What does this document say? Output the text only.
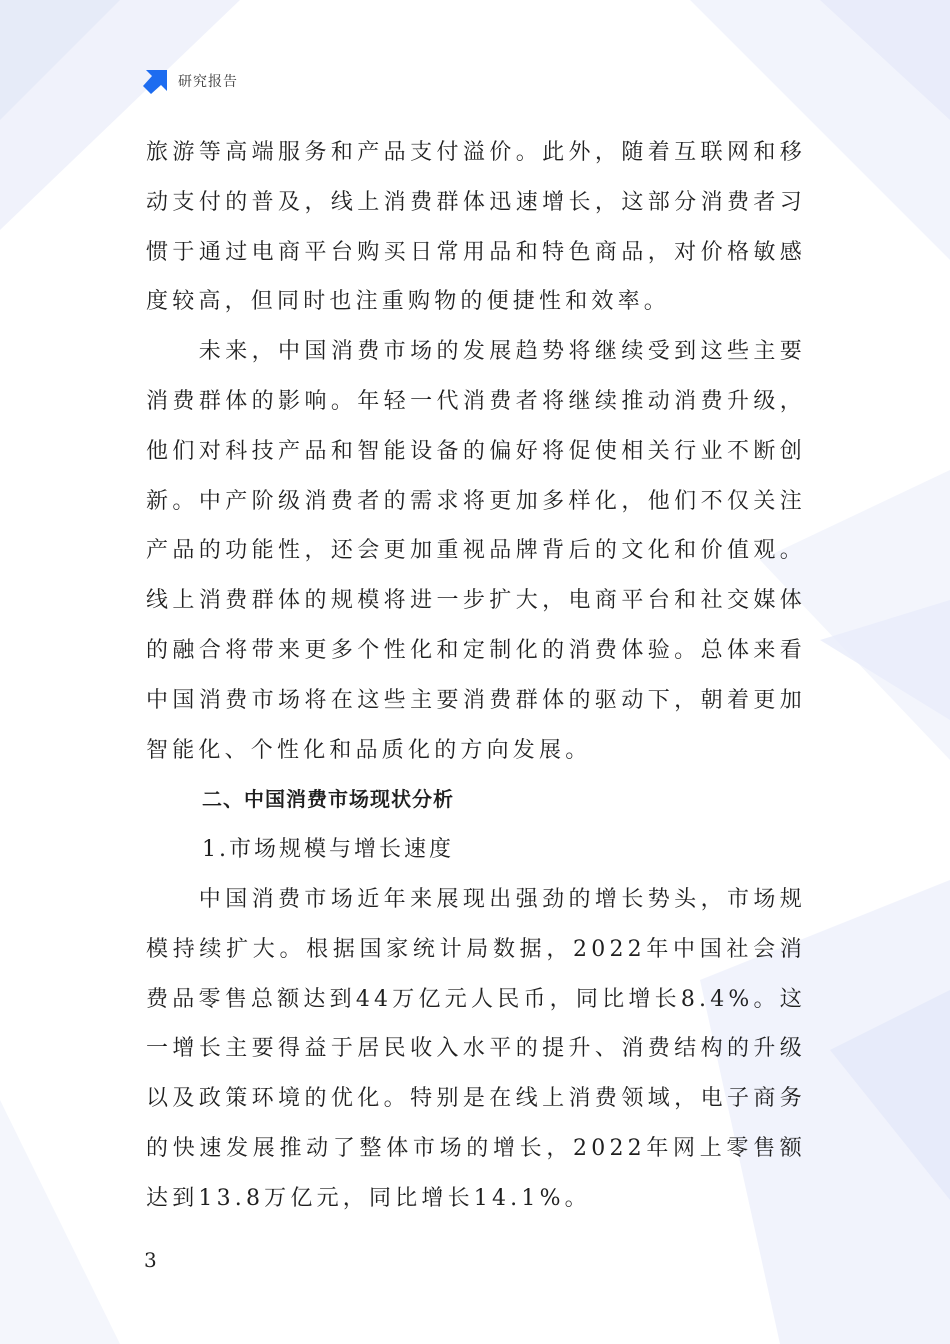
研究报告

旅游等高端服务和产品支付溢价。此外，随着互联网和移动支付的普及，线上消费群体迅速增长，这部分消费者习惯于通过电商平台购买日常用品和特色商品，对价格敏感度较高，但同时也注重购物的便捷性和效率。

未来，中国消费市场的发展趋势将继续受到这些主要消费群体的影响。年轻一代消费者将继续推动消费升级，他们对科技产品和智能设备的偏好将促使相关行业不断创新。中产阶级消费者的需求将更加多样化，他们不仅关注产品的功能性，还会更加重视品牌背后的文化和价值观。线上消费群体的规模将进一步扩大，电商平台和社交媒体的融合将带来更多个性化和定制化的消费体验。总体来看中国消费市场将在这些主要消费群体的驱动下，朝着更加智能化、个性化和品质化的方向发展。

二、中国消费市场现状分析

1.市场规模与增长速度

中国消费市场近年来展现出强劲的增长势头，市场规模持续扩大。根据国家统计局数据，2022年中国社会消费品零售总额达到44万亿元人民币，同比增长8.4%。这一增长主要得益于居民收入水平的提升、消费结构的升级以及政策环境的优化。特别是在线上消费领域，电子商务的快速发展推动了整体市场的增长，2022年网上零售额达到13.8万亿元，同比增长14.1%。

3
